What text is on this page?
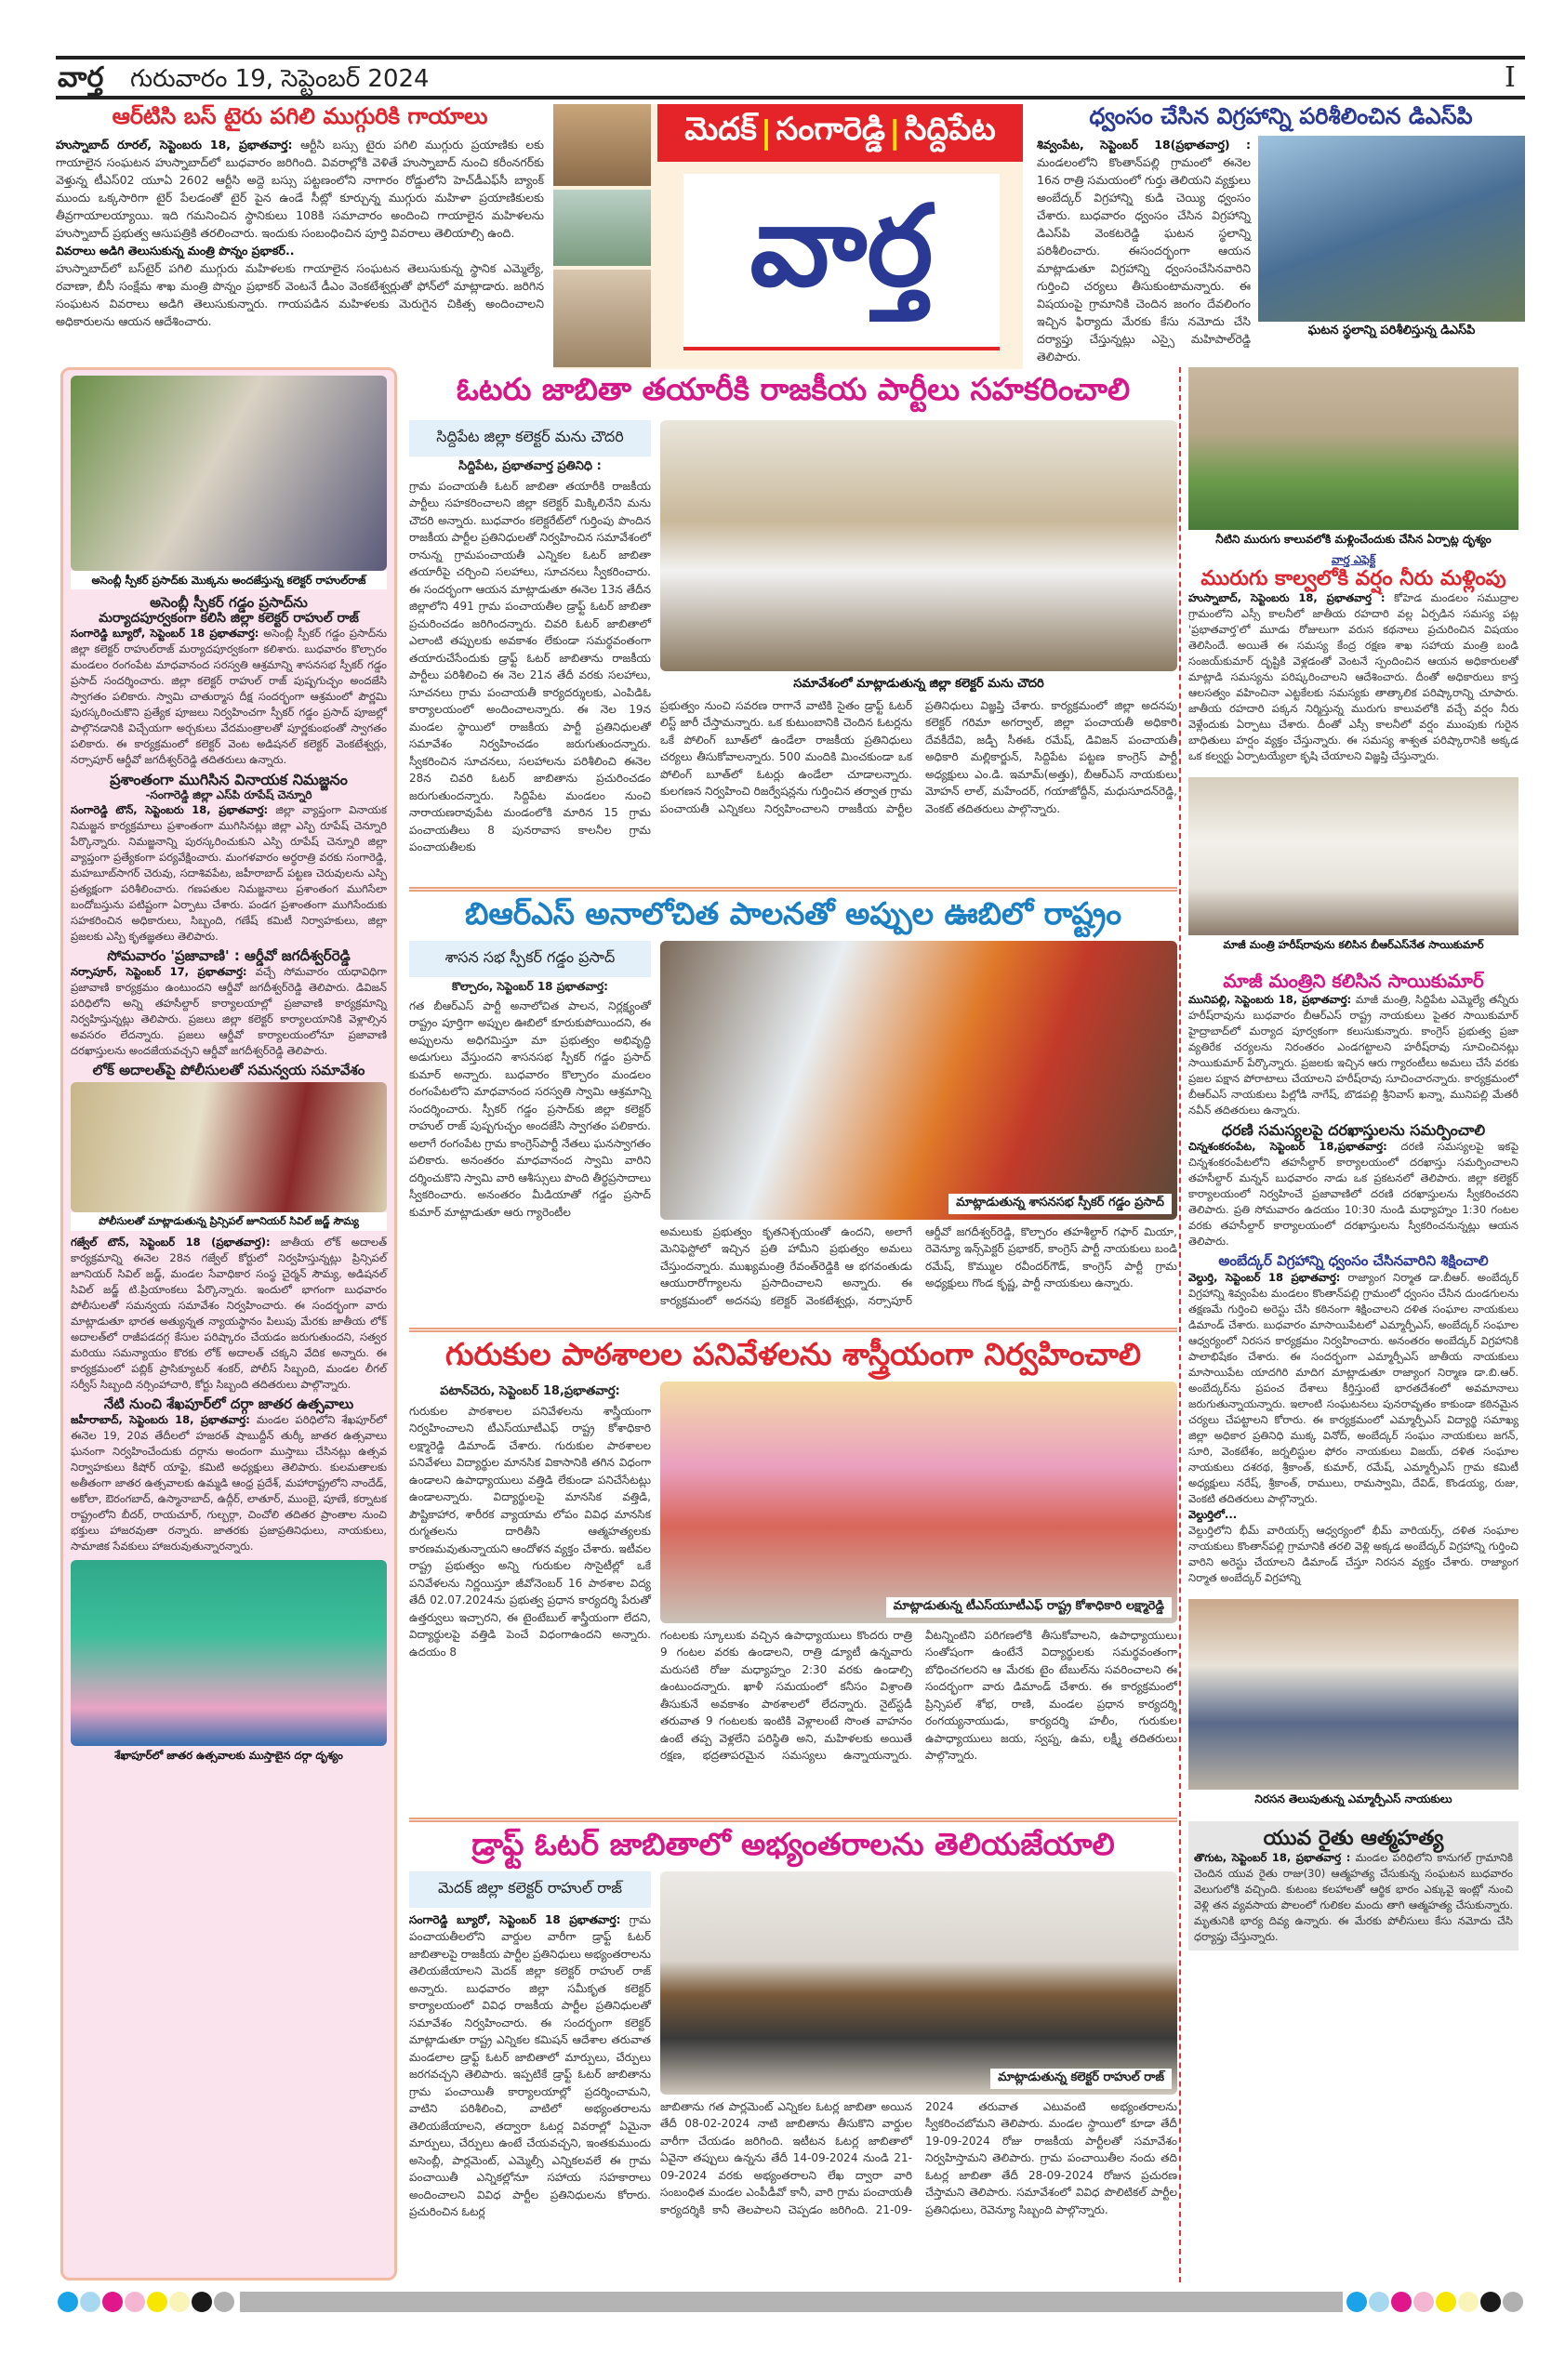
వార్త గురువారం 19, సెప్టెంబర్ 2024	I
ఆర్‌టిసి బస్ టైరు పగిలి ముగ్గురికి గాయాలు
హుస్నాబాద్ రూరల్, సెప్టెంబరు 18, ప్రభాతవార్త: ఆర్టీసి బస్సు టైరు పగిలి ముగ్గురు ప్రయాణికు లకు గాయాలైన సంఘటన హుస్నాబాద్‌లో బుధవారం జరిగింది. వివరాల్లోకి వెళితే హుస్నాబాద్ నుంచి కరీంనగర్‌కు వెళ్తున్న టీఎస్02 యూఏ 2602 ఆర్టీసి అద్దె బస్సు పట్టణంలోని నాగారం రోడ్డులోని హెచ్‌డీఎఫ్‌సీ బ్యాంక్ ముందు ఒక్కసారిగా టైర్ పేలడంతో టైర్ పైన ఉండే సీట్లో కూర్చున్న ముగ్గురు మహిళా ప్రయాణికులకు తీవ్రగాయాలయ్యాయి. ఇది గమనించిన స్థానికులు 108కి సమాచారం అందించి గాయాలైన మహిళలను హుస్నాబాద్ ప్రభుత్వ ఆసుపత్రికి తరలించారు. ఇందుకు సంబంధించిన పూర్తి వివరాలు తెలియాల్సి ఉంది.
వివరాలు అడిగి తెలుసుకున్న మంత్రి పొన్నం ప్రభాకర్..
హుస్నాబాద్‌లో బస్‌టైర్ పగిలి ముగ్గురు మహిళలకు గాయాలైన సంఘటన తెలుసుకున్న స్థానిక ఎమ్మెల్యే, రవాణా, బీసీ సంక్షేమ శాఖ మంత్రి పొన్నం ప్రభాకర్ వెంటనే డీఎం వెంకటేశ్వర్లుతో ఫోన్‌లో మాట్లాడారు. జరిగిన సంఘటన వివరాలు అడిగి తెలుసుకున్నారు. గాయపడిన మహిళలకు మెరుగైన చికిత్స అందించాలని అధికారులను ఆయన ఆదేశించారు.
మెదక్ | సంగారెడ్డి | సిద్దిపేట
వార్త
ధ్వంసం చేసిన విగ్రహాన్ని పరిశీలించిన డిఎస్‌పి
శివ్వంపేట, సెప్టెంబర్ 18(ప్రభాతవార్త) : మండలంలోని కొంతాన్‌పల్లి గ్రామంలో ఈనెల 16న రాత్రి సమయంలో గుర్తు తెలియని వ్యక్తులు అంబేద్కర్ విగ్రహాన్ని కుడి చెయ్యి ధ్వంసం చేశారు. బుధవారం ధ్వంసం చేసిన విగ్రహాన్ని డిఎస్‌పి వెంకటరెడ్డి ఘటన స్థలాన్ని పరిశీలించారు. ఈసందర్భంగా ఆయన మాట్లాడుతూ విగ్రహాన్ని ధ్వంసంచేసినవారిని గుర్తించి చర్యలు తీసుకుంటామన్నారు. ఈ విషయంపై గ్రామానికి చెందిన జంగం దేవలింగం ఇచ్చిన ఫిర్యాదు మేరకు కేసు నమోదు చేసి దర్యాప్తు చేస్తున్నట్లు ఎస్సై మహిపాల్‌రెడ్డి తెలిపారు.
ఘటన స్థలాన్ని పరిశీలిస్తున్న డిఎస్‌పి
అసెంబ్లీ స్పీకర్ ప్రసాద్‌కు మొక్కను అందజేస్తున్న కలెక్టర్ రాహుల్‌రాజ్
అసెంబ్లీ స్పీకర్ గడ్డం ప్రసాద్‌ను
మర్యాదపూర్వకంగా కలిసి జిల్లా కలెక్టర్ రాహుల్ రాజ్
సంగారెడ్డి బ్యూరో, సెప్టెంబర్ 18 ప్రభాతవార్త: అసెంబ్లీ స్పీకర్ గడ్డం ప్రసాద్‌ను జిల్లా కలెక్టర్ రాహుల్‌రాజ్ మర్యాదపూర్వకంగా కలిశారు. బుధవారం కొల్చారం మండలం రంగంపేట మాధవానంద సరస్వతి ఆశ్రమాన్ని శాసనసభ స్పీకర్ గడ్డం ప్రసాద్ సందర్శించారు. జిల్లా కలెక్టర్ రాహుల్ రాజ్ పుష్పగుచ్ఛం అందజేసి స్వాగతం పలికారు. స్వామి చాతుర్మాస దీక్ష సందర్భంగా ఆశ్రమంలో పౌర్ణమి పురస్కరించుకొని ప్రత్యేక పూజలు నిర్వహించగా స్పీకర్ గడ్డం ప్రసాద్ పూజల్లో పాల్గొనడానికి విచ్చేయగా అర్చకులు వేదమంత్రాలతో పూర్ణకుంభంతో స్వాగతం పలికారు. ఈ కార్యక్రమంలో కలెక్టర్ వెంట అడిషనల్ కలెక్టర్ వెంకటేశ్వర్లు, నర్సాపూర్ ఆర్డీవో జగదీశ్వర్‌రెడ్డి తదితరులు ఉన్నారు.
ప్రశాంతంగా ముగిసిన వినాయక నిమజ్జనం
-సంగారెడ్డి జిల్లా ఎస్‌పి రూపేష్ చెన్నూరి
సంగారెడ్డి టౌన్, సెప్టెంబరు 18, ప్రభాతవార్త: జిల్లా వ్యాప్తంగా వినాయక నిమజ్జన కార్యక్రమాలు ప్రశాంతంగా ముగిసినట్లు జిల్లా ఎస్పి రూపేష్ చెన్నూరి పేర్కొన్నారు. నిమజ్జనాన్ని పురస్కరించుకుని ఎస్పి రూపేష్ చెన్నూరి జిల్లా వ్యాప్తంగా ప్రత్యేకంగా పర్యవేక్షించారు. మంగళవారం అర్ధరాత్రి వరకు సంగారెడ్డి, మహబూబ్‌సాగర్ చెరువు, సదాశివపేట, జహీరాబాద్ పట్టణ చెరువులను ఎస్పి ప్రత్యక్షంగా పరిశీలించారు. గణపతుల నిమజ్జనాలు ప్రశాంతంగ ముగిసేలా బందోబస్తును పటిష్టంగా ఏర్పాటు చేశారు. పండగ ప్రశాంతంగా ముగిసేందుకు సహకరించిన అధికారులు, సిబ్బంది, గణేష్ కమిటీ నిర్వాహకులు, జిల్లా ప్రజలకు ఎస్పి కృతజ్ఞతలు తెలిపారు.
సోమవారం 'ప్రజావాణి' : ఆర్డీవో జగదీశ్వర్‌రెడ్డి
నర్సాపూర్, సెప్టెంబర్ 17, ప్రభాతవార్త: వచ్చే సోమవారం యధావిధిగా ప్రజావాణి కార్యక్రమం ఉంటుందని ఆర్డీవో జగదీశ్వర్‌రెడ్డి తెలిపారు. డివిజన్ పరిధిలోని అన్ని తహసీల్దార్ కార్యాలయాల్లో ప్రజావాణి కార్యక్రమాన్ని నిర్వహిస్తున్నట్లు తెలిపారు. ప్రజలు జిల్లా కలెక్టర్ కార్యాలయానికి వెళ్లాల్సిన అవసరం లేదన్నారు. ప్రజలు ఆర్డీవో కార్యాలయంలోనూ ప్రజావాణి దరఖాస్తులను అందజేయవచ్చని ఆర్డీవో జగదీశ్వర్‌రెడ్డి తెలిపారు.
లోక్ అదాలత్‌పై పోలీసులతో సమన్వయ సమావేశం
పోలీసులతో మాట్లాడుతున్న ప్రిన్సిపల్ జూనియర్ సివిల్ జడ్జ్ సౌమ్య
గజ్వేల్ టౌన్, సెప్టెంబర్ 18 (ప్రభాతవార్త): జాతీయ లోక్ అదాలత్ కార్యక్రమాన్ని ఈనెల 28న గజ్వేల్ కోర్టులో నిర్వహిస్తున్నట్లు ప్రిన్సిపల్ జూనియర్ సివిల్ జడ్జ్, మండల సేవాధికార సంస్థ చైర్మన్ సౌమ్య, అడిషనల్ సివిల్ జడ్జ్ టి.ప్రియాంకలు పేర్కొన్నారు. ఇందులో భాగంగా బుధవారం పోలీసులతో సమన్వయ సమావేశం నిర్వహించారు. ఈ సందర్భంగా వారు మాట్లాడుతూ భారత అత్యున్నత న్యాయస్థానం పిలుపు మేరకు జాతీయ లోక్ అదాలత్‌లో రాజీపడదగ్గ కేసుల పరిష్కారం చేయడం జరుగుతుందని, సత్వర మరియు సమన్యాయం కొరకు లోక్ అదాలత్ చక్కని వేదిక అన్నారు. ఈ కార్యక్రమంలో పబ్లిక్ ప్రాసిక్యూటర్ శంకర్, పోలీస్ సిబ్బంది, మండల లీగల్ సర్వీస్ సిబ్బంది నర్సింహాచారి, కోర్టు సిబ్బంది తదితరులు పాల్గొన్నారు.
నేటి నుంచి శేఖపూర్‌లో దర్గా జాతర ఉత్సవాలు
జహీరాబాద్, సెప్టెంబరు 18, ప్రభాతవార్త: మండల పరిధిలోని శేఖపూర్‌లో ఈనెల 19, 20వ తేదీలలో హజరత్ షాబుద్దీన్ తుర్కీ జాతర ఉత్సవాలు ఘనంగా నిర్వహించేందుకు దర్గాను అందంగా ముస్తాబు చేసినట్లు ఉత్సవ నిర్వాహకులు కిషోర్ యాఫై, కమిటి అధ్యక్షులు తెలిపారు. కులమతాలకు అతీతంగా జాతర ఉత్సవాలకు ఉమ్మడి ఆంధ్ర ప్రదేశ్, మహారాష్ట్రలోని నాందేడ్, అకోలా, ఔరంగబాద్, ఉస్మానాబాద్, ఉద్గీర్, లాతూర్, ముంబై, పూణే, కర్నాటక రాష్ట్రంలోని బీదర్, రాయచూర్, గుల్బర్గా, చించోలి తదితర ప్రాంతాల నుంచి భక్తులు హాజరవుతా రన్నారు. జాతరకు ప్రజాప్రతినిధులు, నాయకులు, సామాజిక సేవకులు హాజరువుతున్నారన్నారు.
శేఖాపూర్‌లో జాతర ఉత్సవాలకు ముస్తాబైన దర్గా దృశ్యం
ఓటరు జాబితా తయారీకి రాజకీయ పార్టీలు సహకరించాలి
సిద్దిపేట జిల్లా కలెక్టర్ మను చౌదరి
సిద్దిపేట, ప్రభాతవార్త ప్రతినిధి :
గ్రామ పంచాయతీ ఓటర్ జాబితా తయారీకి రాజకీయ పార్టీలు సహకరించాలని జిల్లా కలెక్టర్ మిక్కిలినేని మను చౌదరి అన్నారు. బుధవారం కలెక్టరేట్‌లో గుర్తింపు పొందిన రాజకీయ పార్టీల ప్రతినిధులతో నిర్వహించిన సమావేశంలో రానున్న గ్రామపంచాయతీ ఎన్నికల ఓటర్ జాబితా తయారీపై చర్చించి సలహాలు, సూచనలు స్వీకరించారు. ఈ సందర్భంగా ఆయన మాట్లాడుతూ ఈనెల 13న తేదీన జిల్లాలోని 491 గ్రామ పంచాయతీల డ్రాఫ్ట్ ఓటర్ జాబితా ప్రచురించడం జరిగిందన్నారు. చివరి ఓటర్ జాబితాలో ఎలాంటి తప్పులకు అవకాశం లేకుండా సమర్థవంతంగా తయారుచేసేందుకు డ్రాఫ్ట్ ఓటర్ జాబితాను రాజకీయ పార్టీలు పరిశీలించి ఈ నెల 21న తేదీ వరకు సలహాలు, సూచనలు గ్రామ పంచాయతీ కార్యదర్శులకు, ఎంపిడిఓ కార్యాలయంలో అందించాలన్నారు. ఈ నెల 19న మండల స్థాయిలో రాజకీయ పార్టీ ప్రతినిధులతో సమావేశం నిర్వహించడం జరుగుతుందన్నారు. స్వీకరించిన సూచనలు, సలహాలను పరిశీలించి ఈనెల 28న చివరి ఓటర్ జాబితాను ప్రచురించడం జరుగుతుందన్నారు. సిద్దిపేట మండలం నుంచి నారాయణరావుపేట మండంలోకి మారిన 15 గ్రామ పంచాయతీలు 8 పునరావాస కాలనీల గ్రామ పంచాయతీలకు
సమావేశంలో మాట్లాడుతున్న జిల్లా కలెక్టర్ మను చౌదరి
ప్రభుత్వం నుంచి సవరణ రాగానే వాటికి సైతం డ్రాఫ్ట్ ఓటర్ లిస్ట్ జారీ చేస్తామన్నారు. ఒక కుటుంబానికి చెందిన ఓటర్లను ఒకే పోలింగ్ బూత్‌లో ఉండేలా రాజకీయ ప్రతినిధులు చర్యలు తీసుకోవాలన్నారు. 500 మందికి మించకుండా ఒక పోలింగ్ బూత్‌లో ఓటర్లు ఉండేలా చూడాలన్నారు. కులగణన నిర్వహించి రిజర్వేషన్లను గుర్తించిన తర్వాత గ్రామ పంచాయతీ ఎన్నికలు నిర్వహించాలని రాజకీయ పార్టీల ప్రతినిధులు విజ్ఞప్తి చేశారు. కార్యక్రమంలో జిల్లా అదనపు కలెక్టర్ గరిమా అగర్వాల్, జిల్లా పంచాయతీ అధికారి దేవకీదేవి, జడ్పీ సీఈఓ రమేష్, డివిజన్ పంచాయతీ అధికారి మల్లికార్జున్, సిద్దిపేట పట్టణ కాంగ్రెస్ పార్టీ అధ్యక్షులు ఎం.డి. ఇమామ్(అత్తు), బీఆర్‌ఎస్ నాయకులు మోహన్ లాల్, మహేందర్, గయాజోద్దీన్, మధుసూదన్‌రెడ్డి, వెంకట్ తదితరులు పాల్గొన్నారు.
బిఆర్ఎస్ అనాలోచిత పాలనతో అప్పుల ఊబిలో రాష్ట్రం
శాసన సభ స్పీకర్ గడ్డం ప్రసాద్
కొల్చారం, సెప్టెంబర్ 18 ప్రభాతవార్త:
గత బీఆర్ఎస్ పార్టీ అనాలోచిత పాలన, నిర్లక్ష్యంతో రాష్ట్రం పూర్తిగా అప్పుల ఊబిలో కూరుకుపోయిందని, ఈ అప్పులను అధిగమిస్తూ మా ప్రభుత్వం అభివృద్ధి అడుగులు వేస్తుందని శాసనసభ స్పీకర్ గడ్డం ప్రసాద్ కుమార్ అన్నారు. బుధవారం కొల్చారం మండలం రంగంపేటలోని మాధవానంద సరస్వతి స్వామి ఆశ్రమాన్ని సందర్శించారు. స్పీకర్ గడ్డం ప్రసాద్‌కు జిల్లా కలెక్టర్ రాహుల్ రాజ్ పుష్పగుచ్ఛం అందజేసి స్వాగతం పలికారు. అలాగే రంగంపేట గ్రామ కాంగ్రెస్‌పార్టీ నేతలు ఘనస్వాగతం పలికారు. అనంతరం మాధవానంద స్వామి వారిని దర్శించుకొని స్వామి వారి ఆశీస్సులు పొంది తీర్థప్రసాదాలు స్వీకరించారు. అనంతరం మీడియాతో గడ్డం ప్రసాద్ కుమార్ మాట్లాడుతూ ఆరు గ్యారెంటీల
మాట్లాడుతున్న శాసనసభ స్పీకర్ గడ్డం ప్రసాద్
అమలుకు ప్రభుత్వం కృతనిశ్చయంతో ఉందని, అలాగే మెనిఫెస్టోలో ఇచ్చిన ప్రతి హామీని ప్రభుత్వం అమలు చేస్తుందన్నారు. ముఖ్యమంత్రి రేవంత్‌రెడ్డికి ఆ భగవంతుడు ఆయురారోగ్యాలను ప్రసాదించాలని అన్నారు. ఈ కార్యక్రమంలో అదనపు కలెక్టర్ వెంకటేశ్వర్లు, నర్సాపూర్ ఆర్డీవో జగదీశ్వర్‌రెడ్డి, కొల్చారం తహశీల్దార్ గఫార్ మియా, రెవెన్యూ ఇన్స్‌పెక్టర్ ప్రభాకర్, కాంగ్రెస్ పార్టీ నాయకులు బండి రమేష్, కొమ్ముల రవీందర్‌గౌడ్, కాంగ్రెస్ పార్టీ గ్రామ అధ్యక్షులు గొండ కృష్ణ, పార్టీ నాయకులు ఉన్నారు.
గురుకుల పాఠశాలల పనివేళలను శాస్త్రీయంగా నిర్వహించాలి
పటాన్‌చెరు, సెప్టెంబర్ 18,ప్రభాతవార్త:
గురుకుల పాఠశాలల పనివేళలను శాస్త్రీయంగా నిర్వహించాలని టీఎస్‌యూటీఎఫ్ రాష్ట్ర కోశాధికారి లక్ష్మారెడ్డి డిమాండ్ చేశారు. గురుకుల పాఠశాలల పనివేళలు విద్యార్థుల మానసిక వికాసానికి తగిన విధంగా ఉండాలని ఉపాధ్యాయులు వత్తిడి లేకుండా పనిచేసేటట్లు ఉండాలన్నారు. విద్యార్థులపై మానసిక వత్తిడి, పౌష్టికాహార, శారీరక వ్యాయామ లోపం వివిధ మానసిక రుగ్మతలను దారితీసి ఆత్మహత్యలకు కారణమవుతున్నాయని ఆందోళన వ్యక్తం చేశారు. ఇటీవల రాష్ట్ర ప్రభుత్వం అన్ని గురుకుల సొసైటీల్లో ఒకే పనివేళలను నిర్ణయిస్తూ జీవోనెంబర్ 16 పాఠశాల విద్య తేదీ 02.07.2024ను ప్రభుత్వ ప్రధాన కార్యదర్శి పేరుతో ఉత్తర్వులు ఇచ్చారని, ఈ టైంటేబుల్ శాస్త్రీయంగా లేదని, విద్యార్థులపై వత్తిడి పెంచే విధంగాఉందని అన్నారు. ఉదయం 8
మాట్లాడుతున్న టీఎస్‌యూటీఎఫ్ రాష్ట్ర కోశాధికారి లక్ష్మారెడ్డి
గంటలకు స్కూలుకు వచ్చిన ఉపాధ్యాయులు కొందరు రాత్రి 9 గంటల వరకు ఉండాలని, రాత్రి డ్యూటీ ఉన్నవారు మరుసటి రోజు మధ్యాహ్నం 2:30 వరకు ఉండాల్సి ఉంటుందన్నారు. ఖాళీ సమయంలో కనీసం విశ్రాంతి తీసుకునే అవకాశం పాఠశాలలో లేదన్నారు. నైట్‌స్టడీ తరువాత 9 గంటలకు ఇంటికి వెళ్లాలంటే సొంత వాహనం ఉంటే తప్ప వెళ్లలేని పరిస్థితి అని, మహిళలకు అయితే రక్షణ, భద్రతాపరమైన సమస్యలు ఉన్నాయన్నారు. వీటన్నింటిని పరిగణలోకి తీసుకోవాలని, ఉపాధ్యాయులు సంతోషంగా ఉంటేనే విద్యార్థులకు సమర్థవంతంగా బోధించగలరని ఆ మేరకు టైం టేబుల్‌ను సవరించాలని ఈ సందర్భంగా వారు డిమాండ్ చేశారు. ఈ కార్యక్రమంలో ప్రిన్సిపల్ శోభ, రాణి, మండల ప్రధాన కార్యదర్శి రంగయ్యనాయుడు, కార్యదర్శి హలీం, గురుకుల ఉపాధ్యాయులు జయ, స్వప్న, ఉమ, లక్ష్మీ తదితరులు పాల్గొన్నారు.
డ్రాఫ్ట్ ఓటర్ జాబితాలో అభ్యంతరాలను తెలియజేయాలి
మెదక్ జిల్లా కలెక్టర్ రాహుల్ రాజ్
సంగారెడ్డి బ్యూరో, సెప్టెంబర్ 18 ప్రభాతవార్త: గ్రామ పంచాయతీలలోని వార్డుల వారీగా డ్రాఫ్ట్ ఓటర్ జాబితాలపై రాజకీయ పార్టీల ప్రతినిధులు అభ్యంతరాలను తెలియజేయాలని మెదక్ జిల్లా కలెక్టర్ రాహుల్ రాజ్ అన్నారు. బుధవారం జిల్లా సమీకృత కలెక్టర్ కార్యాలయంలో వివిధ రాజకీయ పార్టీల ప్రతినిధులతో సమావేశం నిర్వహించారు. ఈ సందర్భంగా కలెక్టర్ మాట్లాడుతూ రాష్ట్ర ఎన్నికల కమిషన్ ఆదేశాల తరువాత మండలాల డ్రాఫ్ట్ ఓటర్ జాబితాలో మార్పులు, చేర్పులు జరగవచ్చని తెలిపారు. ఇప్పటికే డ్రాఫ్ట్ ఓటర్ జాబితాను గ్రామ పంచాయితీ కార్యాలయాల్లో ప్రదర్శించామని, వాటిని పరిశీలించి, వాటిలో అభ్యంతరాలను తెలియజేయాలని, తద్వారా ఓటర్ల వివరాల్లో ఏమైనా మార్పులు, చేర్పులు ఉంటే చేయవచ్చని, ఇంతకుముందు అసెంబ్లీ, పార్లమెంట్, ఎమ్మెల్సీ ఎన్నికలవలే ఈ గ్రామ పంచాయితీ ఎన్నికల్లోనూ సహాయ సహకారాలు అందించాలని వివిధ పార్టీల ప్రతినిధులను కోరారు. ప్రచురించిన ఓటర్ల
మాట్లాడుతున్న కలెక్టర్ రాహుల్ రాజ్
జాబితాను గత పార్లమెంట్ ఎన్నికల ఓటర్ల జాబితా అయిన తేదీ 08-02-2024 నాటి జాబితాను తీసుకొని వార్డుల వారీగా చేయడం జరిగింది. ఇటీటన ఓటర్ల జాబితాలో ఏవైనా తప్పులు ఉన్నను తేదీ 14-09-2024 నుండి 21-09-2024 వరకు అభ్యంతరాలని లేఖ ద్వారా వారి సంబంధిత మండల ఎంపీడీవో కానీ, వారి గ్రామ పంచాయతీ కార్యదర్శికి కానీ తెలపాలని చెప్పడం జరిగింది. 21-09-2024 తరువాత ఎటువంటి అభ్యంతరాలను స్వీకరించబోమని తెలిపారు. మండల స్థాయిలో కూడా తేదీ 19-09-2024 రోజు రాజకీయ పార్టీలతో సమావేశం నిర్వహిస్తామని తెలిపారు. గ్రామ పంచాయితీల నందు తది ఓటర్ల జాబితా తేదీ 28-09-2024 రోజున ప్రచురణ చేస్తామని తెలిపారు. సమావేశంలో వివిధ పొలిటికల్ పార్టీల ప్రతినిధులు, రెవెన్యూ సిబ్బంది పాల్గొన్నారు.
నీటిని మురుగు కాలువలోకి మళ్లించేందుకు చేసిన ఏర్పాట్ల దృశ్యం
వార్త ఎఫెక్ట్
మురుగు కాల్వలోకి వర్షం నీరు మళ్లింపు
హుస్నాబాద్, సెప్టెంబరు 18, ప్రభాతవార్త : కోహెడ మండలం సముద్రాల గ్రామంలోని ఎస్సీ కాలనీలో జాతీయ రహదారి వల్ల ఏర్పడిన సమస్య పట్ల 'ప్రభాతవార్త'లో మూడు రోజులుగా వరుస కథనాలు ప్రచురించిన విషయం తెలిసిందే. అయితే ఈ సమస్య కేంద్ర రక్షణ శాఖ సహాయ మంత్రి బండి సంజయ్‌కుమార్ దృష్టికి వెళ్లడంతో వెంటనే స్పందించిన ఆయన అధికారులతో మాట్లాడి సమస్యను పరిష్కరించాలని ఆదేశించారు. దీంతో అధికారులు కాస్త ఆలసత్వం వహించినా ఎట్టకేలకు సమస్యకు తాత్కాలిక పరిష్కారాన్ని చూపారు. జాతీయ రహదారి పక్కన నిర్మిస్తున్న మురుగు కాలువలోకి వచ్చే వర్షం నీరు వెళ్లేందుకు ఏర్పాటు చేశారు. దీంతో ఎస్సీ కాలనీలో వర్షం ముంపుకు గురైన బాధితులు హర్షం వ్యక్తం చేస్తున్నారు. ఈ సమస్య శాశ్వత పరిష్కారానికి అక్కడ ఒక కల్వర్టు ఏర్పాటయ్యేలా కృషి చేయాలని విజ్ఞప్తి చేస్తున్నారు.
మాజీ మంత్రి హరీష్‌రావును కలిసిన బీఆర్ఎస్‌నేత సాయికుమార్
మాజీ మంత్రిని కలిసిన సాయికుమార్
మునిపల్లి, సెప్టెంబరు 18, ప్రభాతవార్త: మాజీ మంత్రి, సిద్దిపేట ఎమ్మెల్యే తన్నీరు హరీష్‌రావును బుధవారం బీఆర్ఎస్ రాష్ట్ర నాయకులు పైతర సాయికుమార్ హైద్రాబాద్‌లో మర్యాద పూర్వకంగా కలుసుకున్నారు. కాంగ్రెస్ ప్రభుత్వ ప్రజా వ్యతిరేక చర్యలను నిరంతరం ఎండగట్టాలని హరీష్‌రావు సూచించినట్లు సాయికుమార్ పేర్కొన్నారు. ప్రజలకు ఇచ్చిన ఆరు గ్యారంటీలు అమలు చేసే వరకు ప్రజల పక్షాన పోరాటాలు చేయాలని హరీష్‌రావు సూచించారన్నారు. కార్యక్రమంలో బీఆర్ఎస్ నాయకులు పిల్లోడి నాగేష్, బొడపల్లి శ్రీనివాస్ ఖన్నా, మునిపల్లి మేతరీ నవీన్ తదితరులు ఉన్నారు.
ధరణి సమస్యలపై దరఖాస్తులను సమర్పించాలి
చిన్నశంకరంపేట, సెప్టెంబర్ 18,ప్రభాతవార్త: దరణి సమస్యలపై ఇకపై చిన్నశంకరంపేటలోని తహసీల్దార్ కార్యాలయంలో దరఖాస్తు సమర్పించాలని తహసీల్దార్ మన్నన్ బుధవారం నాడు ఒక ప్రకటనలో తెలిపారు. జిల్లా కలెక్టర్ కార్యాలయంలో నిర్వహించే ప్రజావాణిలో దరణి దరఖాస్తులను స్వీకరించరని తెలిపారు. ప్రతి సోమవారం ఉదయం 10:30 నుండి మధ్యాహ్నం 1:30 గంటల వరకు తహసీల్దార్ కార్యాలయంలో దరఖాస్తులను స్వీకరించనున్నట్లు ఆయన తెలిపారు.
అంబేద్కర్ విగ్రహాన్ని ధ్వంసం చేసినవారిని శిక్షించాలి
వెల్దుర్తి, సెప్టెంబర్ 18 ప్రభాతవార్త: రాజ్యాంగ నిర్మాత డా.బీఆర్. అంబేద్కర్ విగ్రహాన్ని శివ్వంపేట మండలం కొంతాన్‌పల్లి గ్రామంలో ధ్వంసం చేసిన దుండగులను తక్షణమే గుర్తించి అరెస్టు చేసి కఠినంగా శిక్షించాలని దళిత సంఘాల నాయకులు డిమాండ్ చేశారు. బుధవారం మాసాయిపేటలో ఎమ్మార్పీఎస్, అంబేద్కర్ సంఘాల ఆధ్వర్యంలో నిరసన కార్యక్రమం నిర్వహించారు. అనంతరం అంబేద్కర్ విగ్రహానికి పాలాభిషేకం చేశారు. ఈ సందర్భంగా ఎమ్మార్పీఎస్ జాతీయ నాయకులు మాసాయిపేట యాదగిరి మాదిగ మాట్లాడుతూ రాజ్యాంగ నిర్మాణ డా.బి.ఆర్. అంబేద్కర్‌ను ప్రపంచ దేశాలు కీర్తిస్తుంటే భారతదేశంలో అవమానాలు జరుగుతున్నాయన్నారు. ఇలాంటి సంఘటనలు పునరావృతం కాకుండా కఠినమైన చర్యలు చేపట్టాలని కోరారు. ఈ కార్యక్రమంలో ఎమ్మార్పీఎస్ విద్యార్థి సమాఖ్య జిల్లా అధికార ప్రతినిధి ముక్క వినోద్, అంబేద్కర్ సంఘం నాయకులు జగన్, సూరి, వెంకటేశం, జర్నలిస్టుల ఫోరం నాయకులు విజయ్, దళిత సంఘాల నాయకులు దశరథ, శ్రీకాంత్, కుమార్, రమేష్, ఎమ్మార్పీఎస్ గ్రామ కమిటీ అధ్యక్షులు నరేష్, శ్రీకాంత్, రాములు, రామస్వామి, దేవిడ్, కొండయ్య, రుజు, వెంకటి తదితరులు పాల్గొన్నారు.
వెల్దుర్తిలో...
వెల్దుర్తిలోని భీమ్ వారియర్స్ ఆధ్వర్యంలో భీమ్ వారియర్స్, దళిత సంఘాల నాయకులు కొంతాన్‌పల్లి గ్రామానికి తరలి వెళ్లి అక్కడ అంబేద్కర్ విగ్రహాన్ని గుర్తించి వారిని అరెస్టు చేయాలని డిమాండ్ చేస్తూ నిరసన వ్యక్తం చేశారు. రాజ్యాంగ నిర్మాత అంబేద్కర్ విగ్రహాన్ని
నిరసన తెలుపుతున్న ఎమ్మార్పీఎస్ నాయకులు
యువ రైతు ఆత్మహత్య
తొగుట, సెప్టెంబర్ 18, ప్రభాతవార్త : మండల పరిధిలోని కానుగల్ గ్రామానికి చెందిన యువ రైతు రాజు(30) ఆత్మహత్య చేసుకున్న సంఘటన బుధవారం వెలుగులోకి వచ్చింది. కుటంబ కలహాలతో ఆర్థిక భారం ఎక్కువై ఇంట్లో నుంచి వెళ్లి తన వ్యవసాయ పొలంలో గులికల మందు తాగి ఆత్మహత్య చేసుకున్నారు. మృతునికి భార్య దివ్య ఉన్నారు. ఈ మేరకు పోలీసులు కేసు నమోదు చేసి ధర్యాప్తు చేస్తున్నారు.
